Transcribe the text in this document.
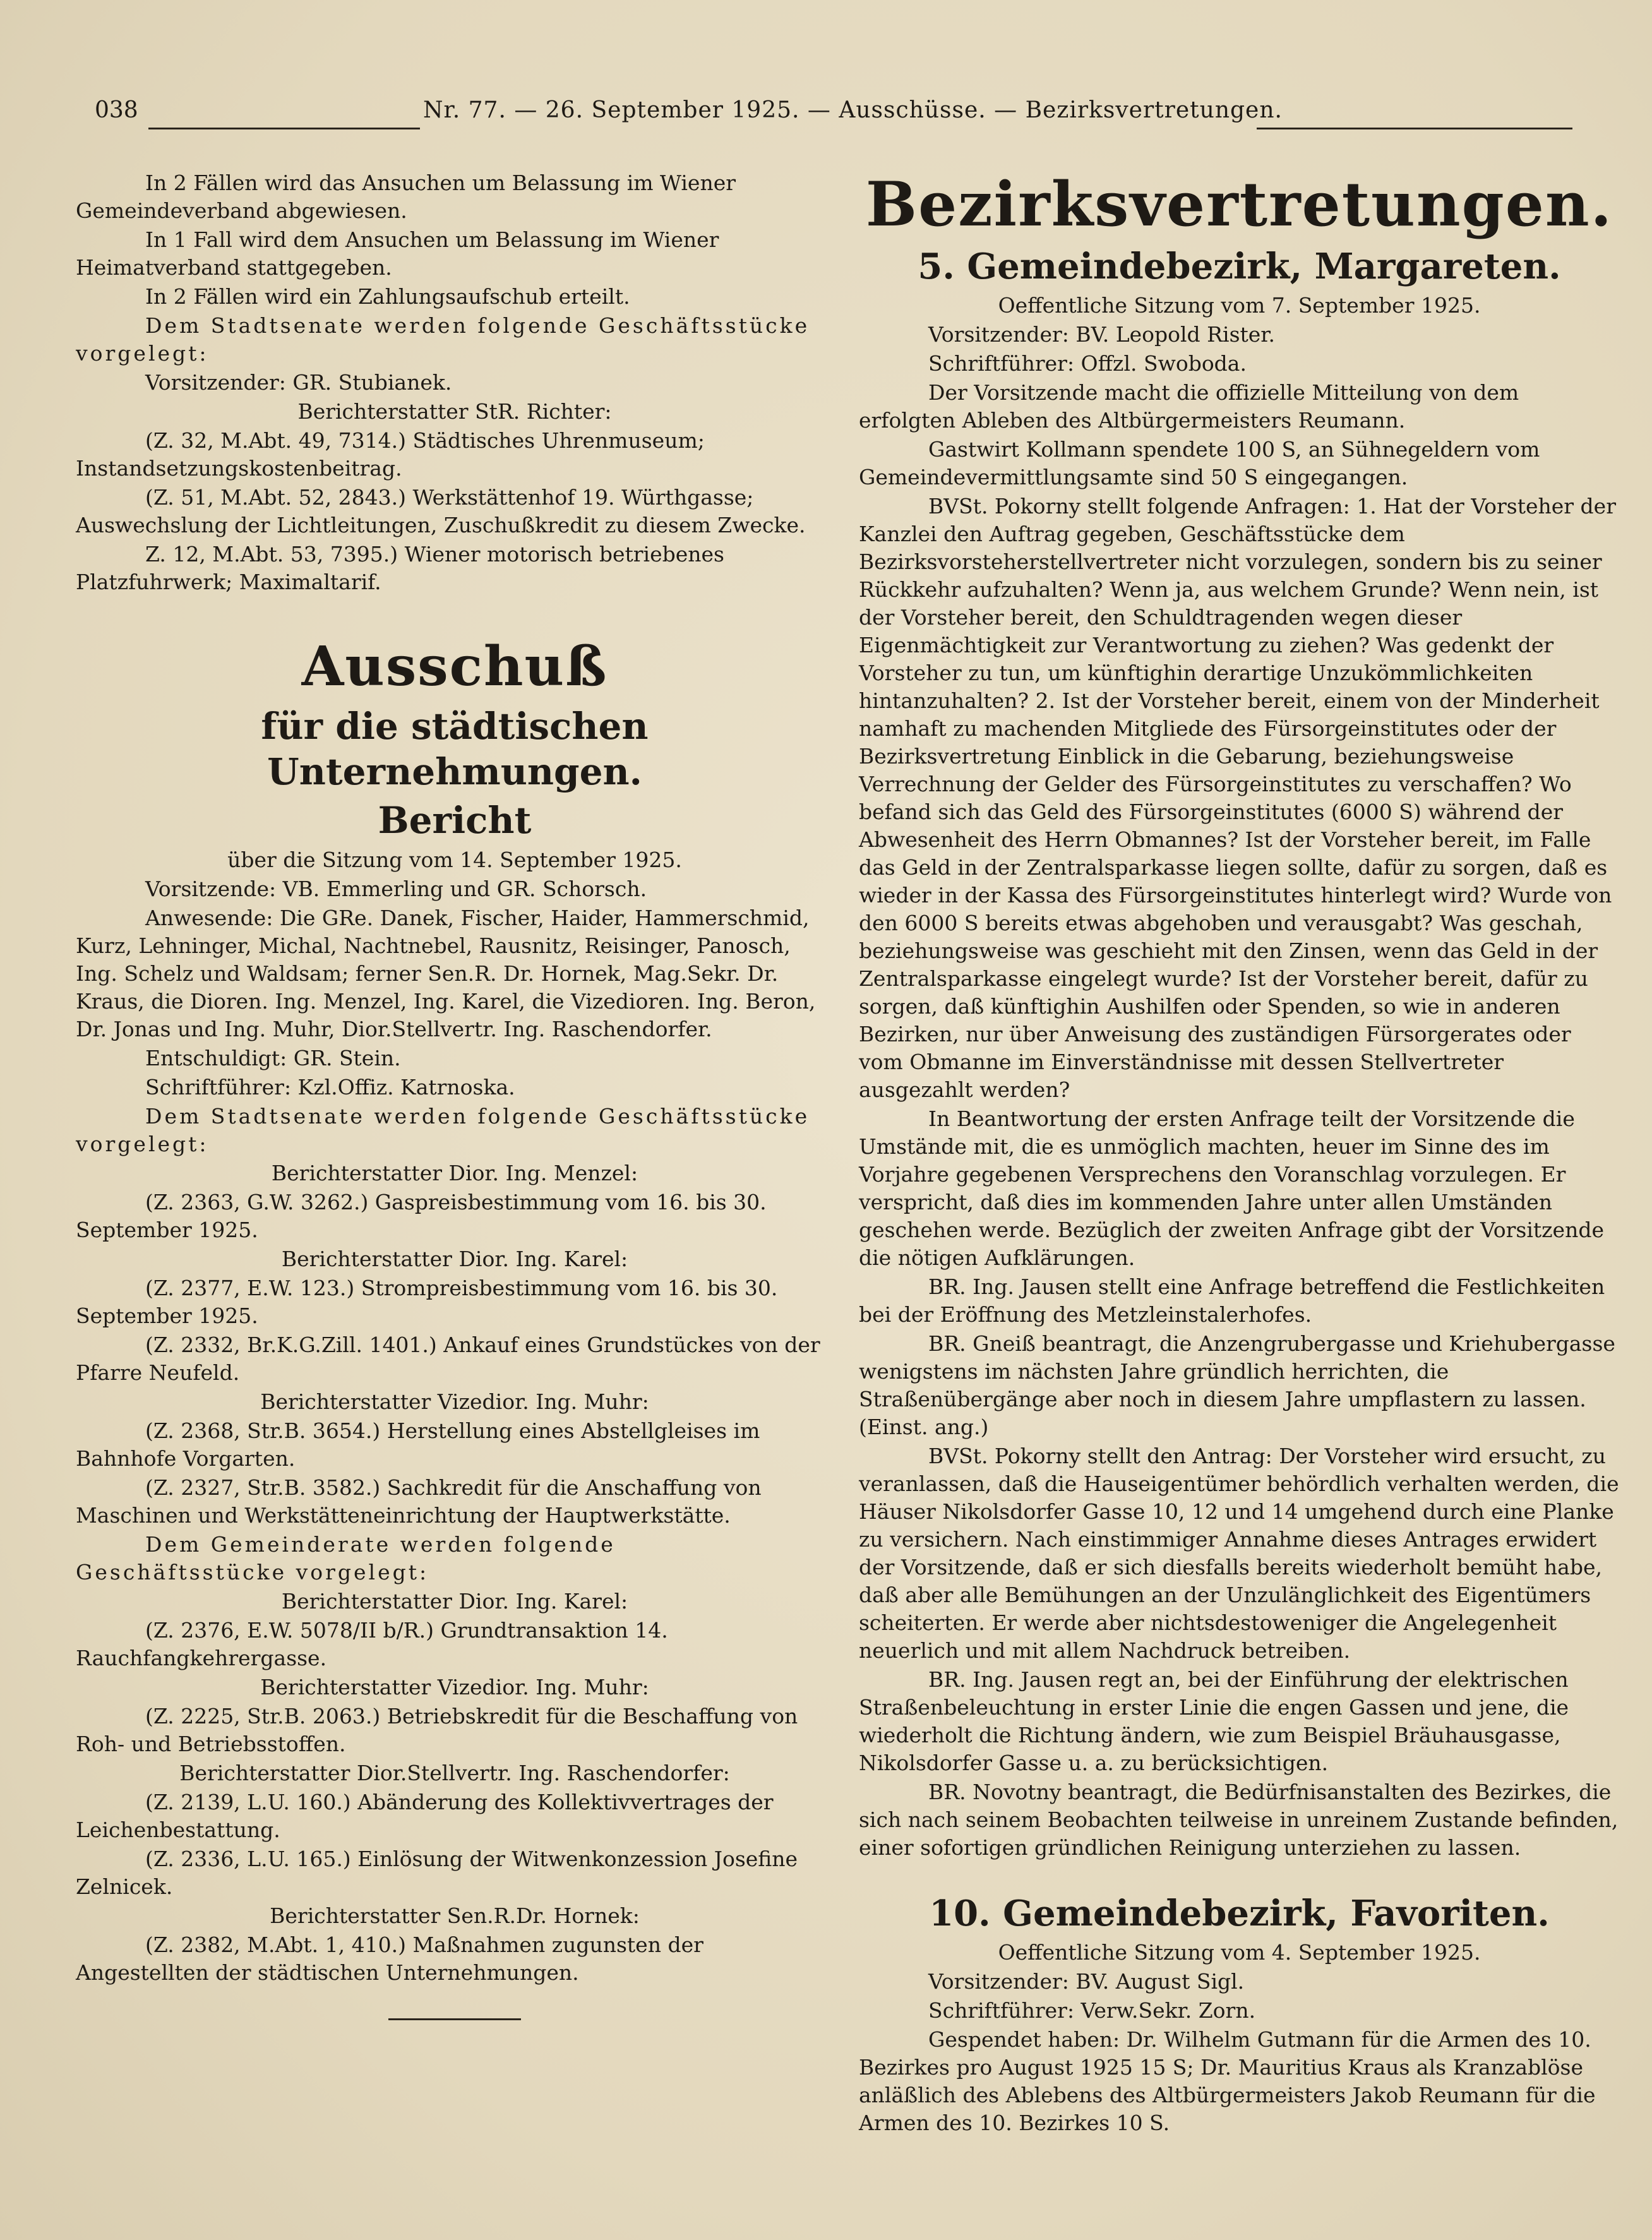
038	Nr. 77. — 26. September 1925. — Ausschüsse. — Bezirksvertretungen.

In 2 Fällen wird das Ansuchen um Belassung im Wiener Gemeindeverband abgewiesen.

In 1 Fall wird dem Ansuchen um Belassung im Wiener Heimatverband stattgegeben.

In 2 Fällen wird ein Zahlungsaufschub erteilt.

Dem Stadtsenate werden folgende Geschäftsstücke vorgelegt:

Vorsitzender: GR. Stubianek.

Berichterstatter StR. Richter:

(Z. 32, M.Abt. 49, 7314.) Städtisches Uhrenmuseum; Instandsetzungskostenbeitrag.

(Z. 51, M.Abt. 52, 2843.) Werkstättenhof 19. Würthgasse; Auswechslung der Lichtleitungen, Zuschußkredit zu diesem Zwecke.

Z. 12, M.Abt. 53, 7395.) Wiener motorisch betriebenes Platzfuhrwerk; Maximaltarif.

Ausschuß
für die städtischen Unternehmungen.
Bericht

über die Sitzung vom 14. September 1925.

Vorsitzende: VB. Emmerling und GR. Schorsch.

Anwesende: Die GRe. Danek, Fischer, Haider, Hammerschmid, Kurz, Lehninger, Michal, Nachtnebel, Rausnitz, Reisinger, Panosch, Ing. Schelz und Waldsam; ferner Sen.R. Dr. Hornek, Mag.Sekr. Dr. Kraus, die Dioren. Ing. Menzel, Ing. Karel, die Vizedioren. Ing. Beron, Dr. Jonas und Ing. Muhr, Dior.Stellvertr. Ing. Raschendorfer.

Entschuldigt: GR. Stein.

Schriftführer: Kzl.Offiz. Katrnoska.

Dem Stadtsenate werden folgende Geschäftsstücke vorgelegt:

Berichterstatter Dior. Ing. Menzel:

(Z. 2363, G.W. 3262.) Gaspreisbestimmung vom 16. bis 30. September 1925.

Berichterstatter Dior. Ing. Karel:

(Z. 2377, E.W. 123.) Strompreisbestimmung vom 16. bis 30. September 1925.

(Z. 2332, Br.K.G.Zill. 1401.) Ankauf eines Grundstückes von der Pfarre Neufeld.

Berichterstatter Vizedior. Ing. Muhr:

(Z. 2368, Str.B. 3654.) Herstellung eines Abstellgleises im Bahnhofe Vorgarten.

(Z. 2327, Str.B. 3582.) Sachkredit für die Anschaffung von Maschinen und Werkstätteneinrichtung der Hauptwerkstätte.

Dem Gemeinderate werden folgende Geschäftsstücke vorgelegt:

Berichterstatter Dior. Ing. Karel:

(Z. 2376, E.W. 5078/II b/R.) Grundtransaktion 14. Rauchfangkehrergasse.

Berichterstatter Vizedior. Ing. Muhr:

(Z. 2225, Str.B. 2063.) Betriebskredit für die Beschaffung von Roh- und Betriebsstoffen.

Berichterstatter Dior.Stellvertr. Ing. Raschendorfer:

(Z. 2139, L.U. 160.) Abänderung des Kollektivvertrages der Leichenbestattung.

(Z. 2336, L.U. 165.) Einlösung der Witwenkonzession Josefine Zelnicek.

Berichterstatter Sen.R.Dr. Hornek:

(Z. 2382, M.Abt. 1, 410.) Maßnahmen zugunsten der Angestellten der städtischen Unternehmungen.

Bezirksvertretungen.
5. Gemeindebezirk, Margareten.

Oeffentliche Sitzung vom 7. September 1925.

Vorsitzender: BV. Leopold Rister.

Schriftführer: Offzl. Swoboda.

Der Vorsitzende macht die offizielle Mitteilung von dem erfolgten Ableben des Altbürgermeisters Reumann.

Gastwirt Kollmann spendete 100 S, an Sühnegeldern vom Gemeindevermittlungsamte sind 50 S eingegangen.

BVSt. Pokorny stellt folgende Anfragen: 1. Hat der Vorsteher der Kanzlei den Auftrag gegeben, Geschäftsstücke dem Bezirksvorsteherstellvertreter nicht vorzulegen, sondern bis zu seiner Rückkehr aufzuhalten? Wenn ja, aus welchem Grunde? Wenn nein, ist der Vorsteher bereit, den Schuldtragenden wegen dieser Eigenmächtigkeit zur Verantwortung zu ziehen? Was gedenkt der Vorsteher zu tun, um künftighin derartige Unzukömmlichkeiten hintanzuhalten? 2. Ist der Vorsteher bereit, einem von der Minderheit namhaft zu machenden Mitgliede des Fürsorgeinstitutes oder der Bezirksvertretung Einblick in die Gebarung, beziehungsweise Verrechnung der Gelder des Fürsorgeinstitutes zu verschaffen? Wo befand sich das Geld des Fürsorgeinstitutes (6000 S) während der Abwesenheit des Herrn Obmannes? Ist der Vorsteher bereit, im Falle das Geld in der Zentralsparkasse liegen sollte, dafür zu sorgen, daß es wieder in der Kassa des Fürsorgeinstitutes hinterlegt wird? Wurde von den 6000 S bereits etwas abgehoben und verausgabt? Was geschah, beziehungsweise was geschieht mit den Zinsen, wenn das Geld in der Zentralsparkasse eingelegt wurde? Ist der Vorsteher bereit, dafür zu sorgen, daß künftighin Aushilfen oder Spenden, so wie in anderen Bezirken, nur über Anweisung des zuständigen Fürsorgerates oder vom Obmanne im Einverständnisse mit dessen Stellvertreter ausgezahlt werden?

In Beantwortung der ersten Anfrage teilt der Vorsitzende die Umstände mit, die es unmöglich machten, heuer im Sinne des im Vorjahre gegebenen Versprechens den Voranschlag vorzulegen. Er verspricht, daß dies im kommenden Jahre unter allen Umständen geschehen werde. Bezüglich der zweiten Anfrage gibt der Vorsitzende die nötigen Aufklärungen.

BR. Ing. Jausen stellt eine Anfrage betreffend die Festlichkeiten bei der Eröffnung des Metzleinstalerhofes.

BR. Gneiß beantragt, die Anzengrubergasse und Kriehubergasse wenigstens im nächsten Jahre gründlich herrichten, die Straßenübergänge aber noch in diesem Jahre umpflastern zu lassen. (Einst. ang.)

BVSt. Pokorny stellt den Antrag: Der Vorsteher wird ersucht, zu veranlassen, daß die Hauseigentümer behördlich verhalten werden, die Häuser Nikolsdorfer Gasse 10, 12 und 14 umgehend durch eine Planke zu versichern. Nach einstimmiger Annahme dieses Antrages erwidert der Vorsitzende, daß er sich diesfalls bereits wiederholt bemüht habe, daß aber alle Bemühungen an der Unzulänglichkeit des Eigentümers scheiterten. Er werde aber nichtsdestoweniger die Angelegenheit neuerlich und mit allem Nachdruck betreiben.

BR. Ing. Jausen regt an, bei der Einführung der elektrischen Straßenbeleuchtung in erster Linie die engen Gassen und jene, die wiederholt die Richtung ändern, wie zum Beispiel Bräuhausgasse, Nikolsdorfer Gasse u. a. zu berücksichtigen.

BR. Novotny beantragt, die Bedürfnisanstalten des Bezirkes, die sich nach seinem Beobachten teilweise in unreinem Zustande befinden, einer sofortigen gründlichen Reinigung unterziehen zu lassen.

10. Gemeindebezirk, Favoriten.

Oeffentliche Sitzung vom 4. September 1925.

Vorsitzender: BV. August Sigl.

Schriftführer: Verw.Sekr. Zorn.

Gespendet haben: Dr. Wilhelm Gutmann für die Armen des 10. Bezirkes pro August 1925 15 S; Dr. Mauritius Kraus als Kranzablöse anläßlich des Ablebens des Altbürgermeisters Jakob Reumann für die Armen des 10. Bezirkes 10 S.
